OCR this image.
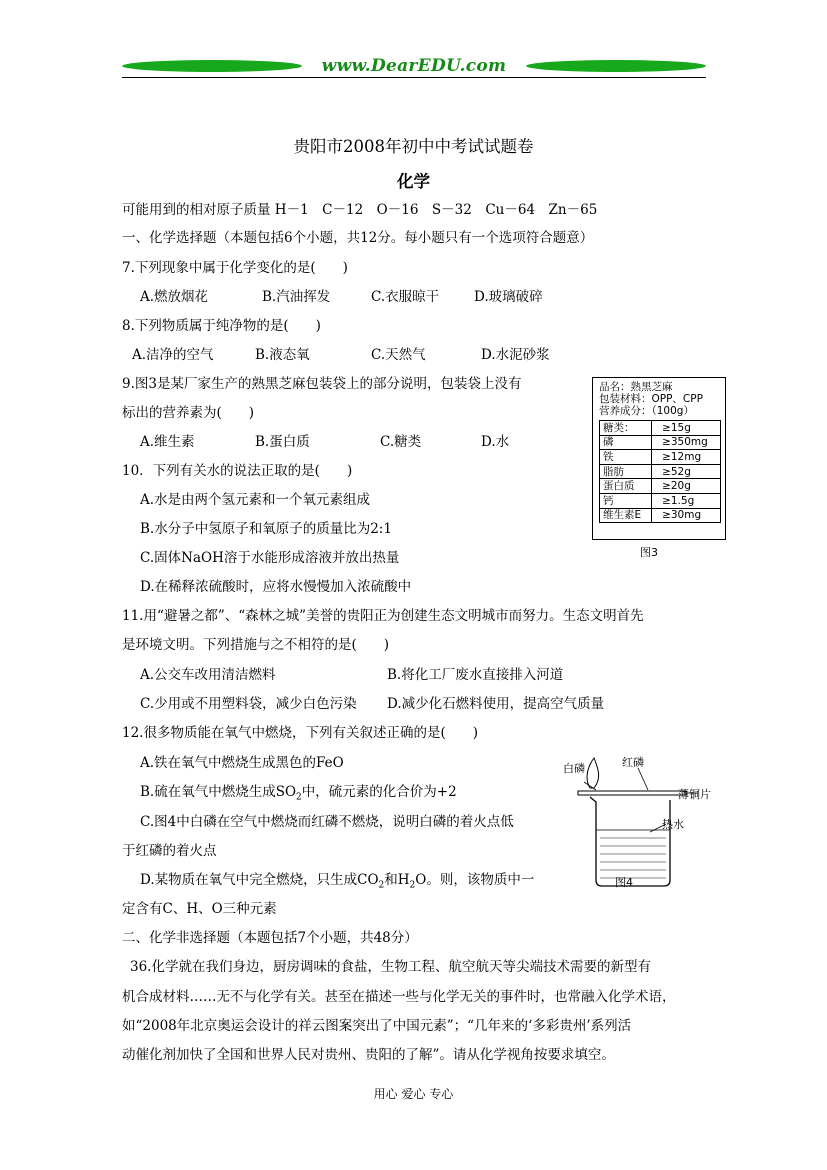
www.DearEDU.com
贵阳市2008年初中中考试试题卷
化学
可能用到的相对原子质量 H－1　C－12　O－16　S－32　Cu－64　Zn－65
一、化学选择题（本题包括6个小题，共12分。每小题只有一个选项符合题意）
7.下列现象中属于化学变化的是(　　)
A.燃放烟花	B.汽油挥发	C.衣服晾干	D.玻璃破碎
8.下列物质属于纯净物的是(　　)
A.洁净的空气	B.液态氧	C.天然气	D.水泥砂浆
9.图3是某厂家生产的熟黑芝麻包装袋上的部分说明，包装袋上没有
标出的营养素为(　　)
A.维生素	B.蛋白质	C.糖类	D.水
品名：熟黑芝麻
包装材料：OPP、CPP
营养成分：（100g）
糖类：	≥15g
磷	≥350mg
铁	≥12mg
脂肪	≥52g
蛋白质	≥20g
钙	≥1.5g
维生素E	≥30mg
图3
10．下列有关水的说法正取的是(　　)
A.水是由两个氢元素和一个氧元素组成
B.水分子中氢原子和氧原子的质量比为2:1
C.固体NaOH溶于水能形成溶液并放出热量
D.在稀释浓硫酸时，应将水慢慢加入浓硫酸中
11.用“避暑之都”、“森林之城”美誉的贵阳正为创建生态文明城市而努力。生态文明首先
是环境文明。下列措施与之不相符的是(　　)
A.公交车改用清洁燃料	B.将化工厂废水直接排入河道
C.少用或不用塑料袋，减少白色污染 D.减少化石燃料使用，提高空气质量
12.很多物质能在氧气中燃烧，下列有关叙述正确的是(　　)
A.铁在氧气中燃烧生成黑色的FeO
B.硫在氧气中燃烧生成$SO_2$中，硫元素的化合价为+2
C.图4中白磷在空气中燃烧而红磷不燃烧，说明白磷的着火点低
于红磷的着火点
D.某物质在氧气中完全燃烧，只生成$CO_2$和$H_2O$。则，该物质中一
定含有C、H、O三种元素
白磷	红磷
薄铜片
热水
图4
二、化学非选择题（本题包括7个小题，共48分）
36.化学就在我们身边，厨房调味的食盐，生物工程、航空航天等尖端技术需要的新型有
机合成材料……无不与化学有关。甚至在描述一些与化学无关的事件时，也常融入化学术语，
如“2008年北京奥运会设计的祥云图案突出了中国元素”；“几年来的‘多彩贵州’系列活
动催化剂加快了全国和世界人民对贵州、贵阳的了解”。请从化学视角按要求填空。
用心 爱心 专心
